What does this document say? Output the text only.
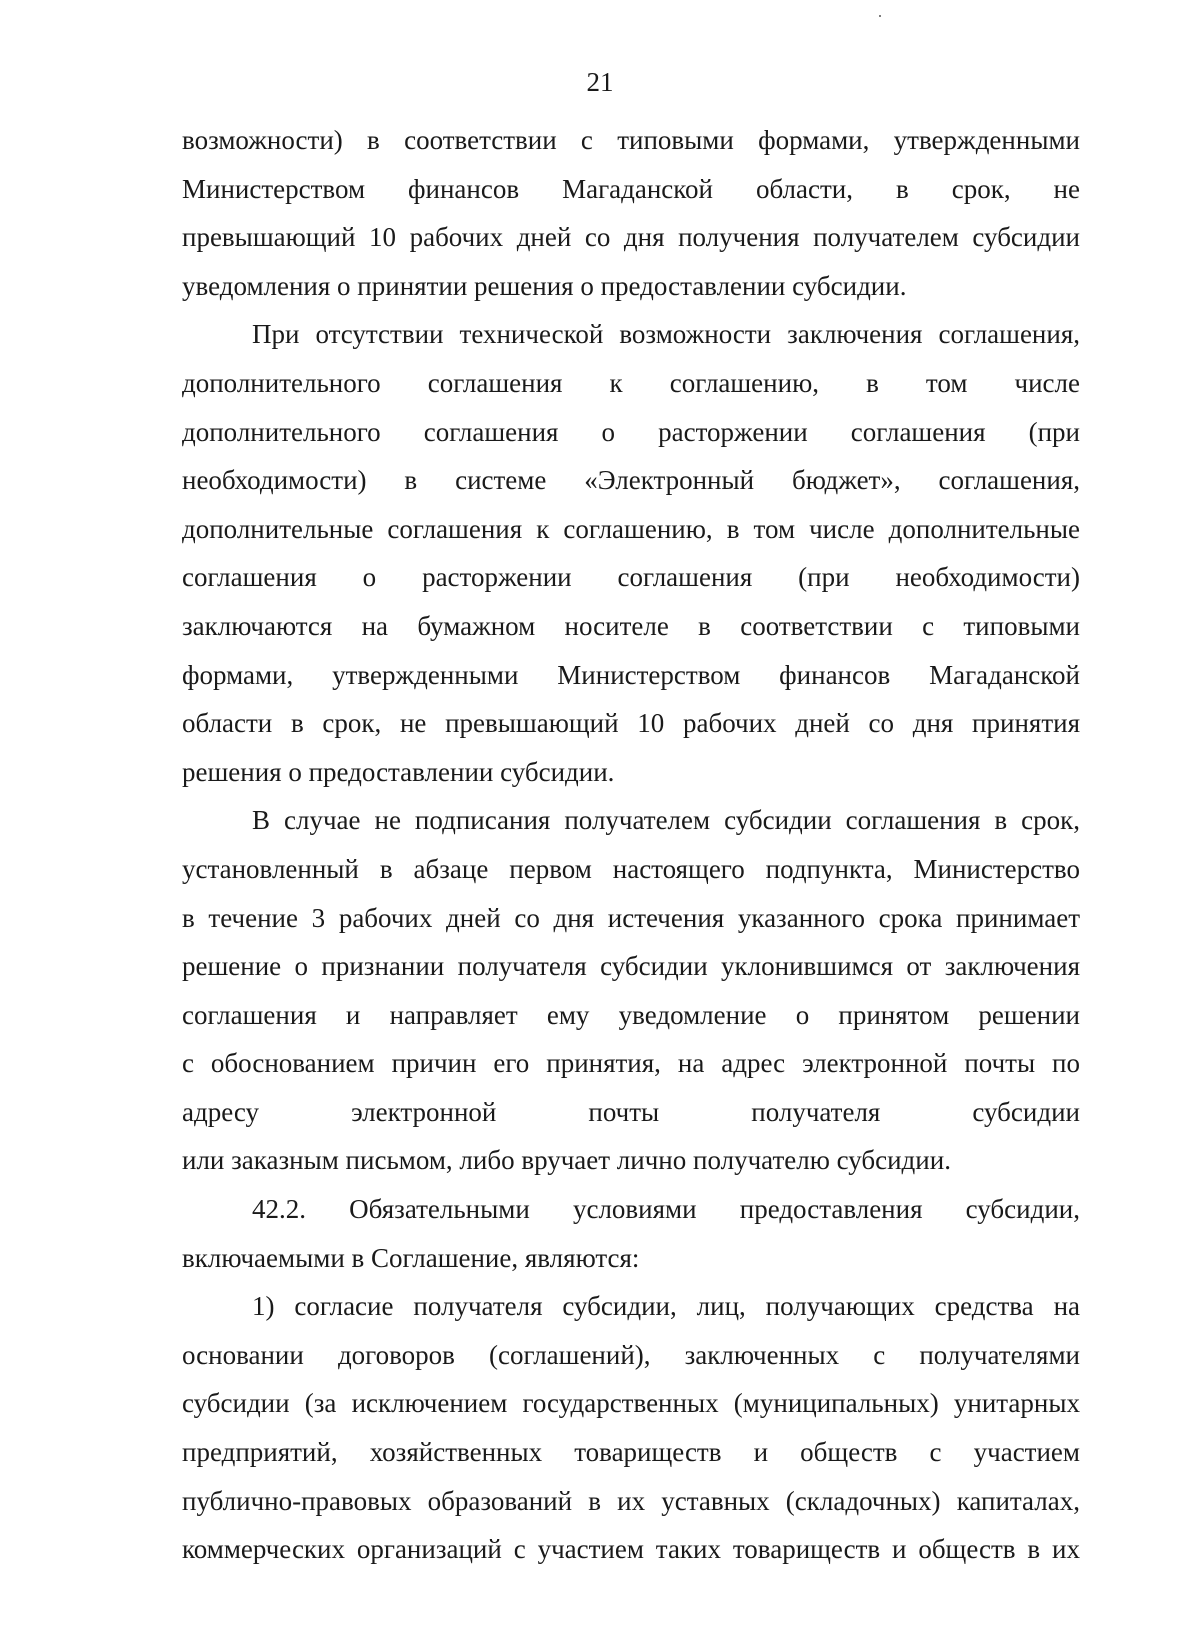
21
возможности) в соответствии с типовыми формами, утвержденными
Министерством финансов Магаданской области, в срок, не
превышающий 10 рабочих дней со дня получения получателем субсидии
уведомления о принятии решения о предоставлении субсидии.
При отсутствии технической возможности заключения соглашения,
дополнительного соглашения к соглашению, в том числе
дополнительного соглашения о расторжении соглашения (при
необходимости) в системе «Электронный бюджет», соглашения,
дополнительные соглашения к соглашению, в том числе дополнительные
соглашения о расторжении соглашения (при необходимости)
заключаются на бумажном носителе в соответствии с типовыми
формами, утвержденными Министерством финансов Магаданской
области в срок, не превышающий 10 рабочих дней со дня принятия
решения о предоставлении субсидии.
В случае не подписания получателем субсидии соглашения в срок,
установленный в абзаце первом настоящего подпункта, Министерство
в течение 3 рабочих дней со дня истечения указанного срока принимает
решение о признании получателя субсидии уклонившимся от заключения
соглашения и направляет ему уведомление о принятом решении
с обоснованием причин его принятия, на адрес электронной почты по
адресу электронной почты получателя субсидии
или заказным письмом, либо вручает лично получателю субсидии.
42.2. Обязательными условиями предоставления субсидии,
включаемыми в Соглашение, являются:
1) согласие получателя субсидии, лиц, получающих средства на
основании договоров (соглашений), заключенных с получателями
субсидии (за исключением государственных (муниципальных) унитарных
предприятий, хозяйственных товариществ и обществ с участием
публично-правовых образований в их уставных (складочных) капиталах,
коммерческих организаций с участием таких товариществ и обществ в их
